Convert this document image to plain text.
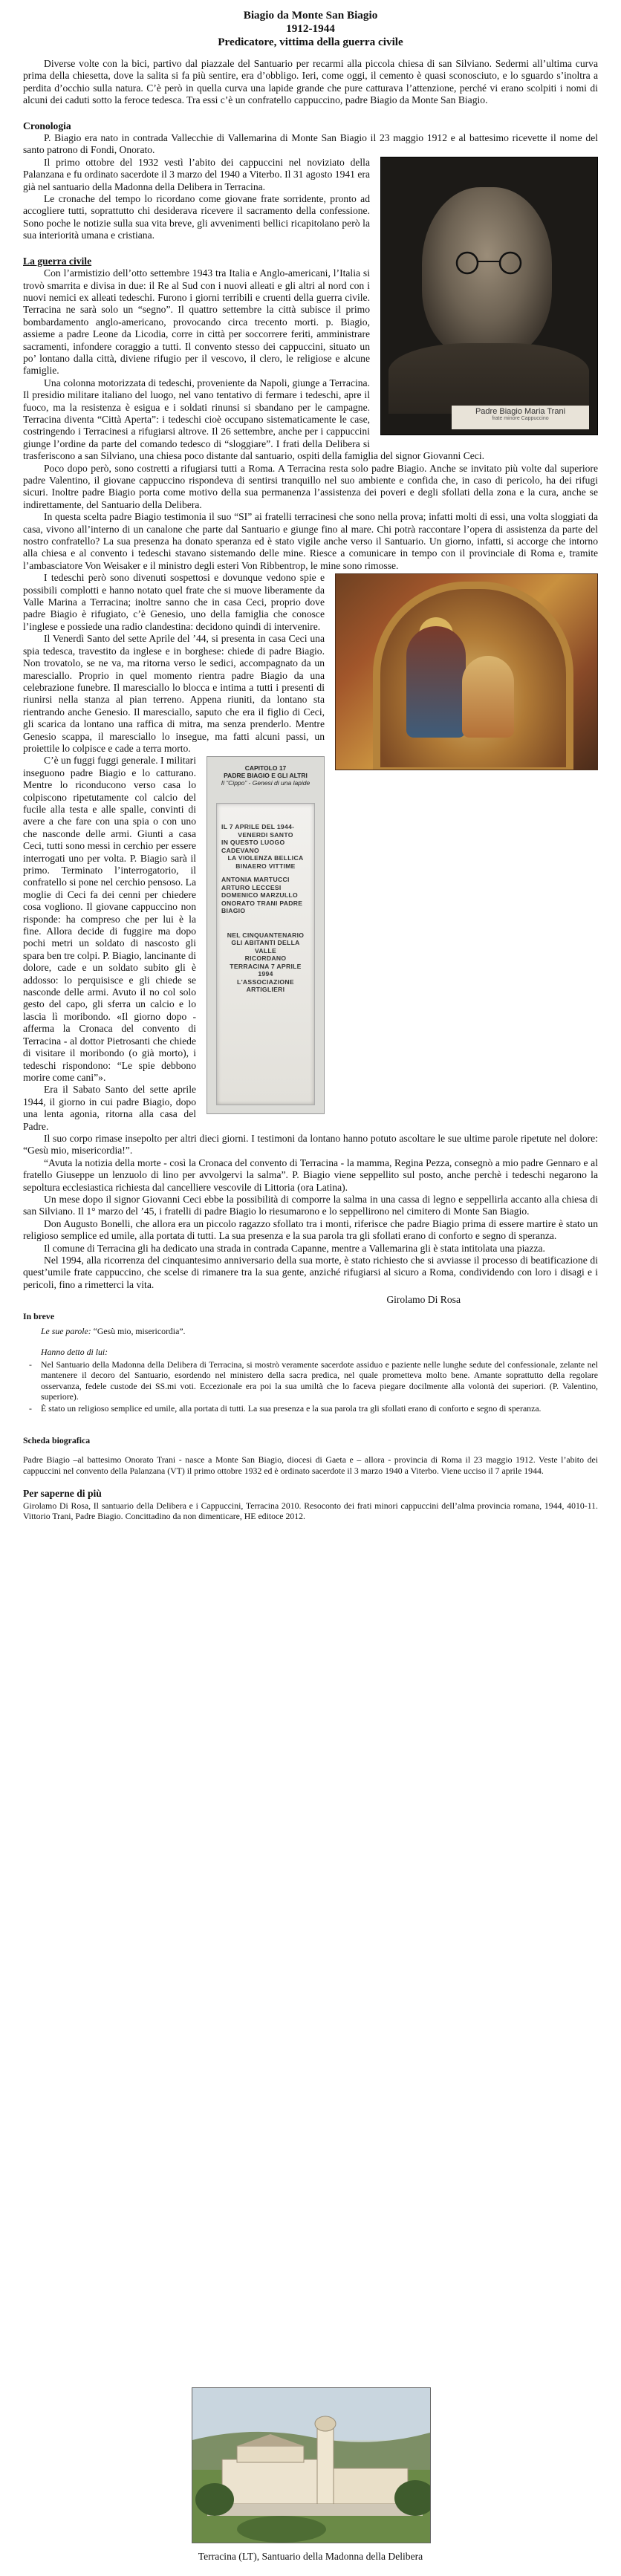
Biagio da Monte San Biagio
1912-1944
Predicatore, vittima della guerra civile

Diverse volte con la bici, partivo dal piazzale del Santuario per recarmi alla piccola chiesa di san Silviano. Sedermi all’ultima curva prima della chiesetta, dove la salita si fa più sentire, era d’obbligo. Ieri, come oggi, il cemento è quasi sconosciuto, e lo sguardo s’inoltra a perdita d’occhio sulla natura. C’è però in quella curva una lapide grande che pure catturava l’attenzione, perché vi erano scolpiti i nomi di alcuni dei caduti sotto la feroce tedesca. Tra essi c’è un confratello cappuccino, padre Biagio da Monte San Biagio.

Cronologia

P. Biagio era nato in contrada Vallecchie di Vallemarina di Monte San Biagio il 23 maggio 1912 e al battesimo ricevette il nome del santo patrono di Fondi, Onorato.

Padre Biagio Maria Trani
frate minore Cappuccino

Il primo ottobre del 1932 vestì l’abito dei cappuccini nel noviziato della Palanzana e fu ordinato sacerdote il 3 marzo del 1940 a Viterbo. Il 31 agosto 1941 era già nel santuario della Madonna della Delibera in Terracina.

Le cronache del tempo lo ricordano come giovane frate sorridente, pronto ad accogliere tutti, soprattutto chi desiderava ricevere il sacramento della confessione. Sono poche le notizie sulla sua vita breve, gli avvenimenti bellici ricapitolano però la sua interiorità umana e cristiana.

La guerra civile

Con l’armistizio dell’otto settembre 1943 tra Italia e Anglo-americani, l’Italia si trovò smarrita e divisa in due: il Re al Sud con i nuovi alleati e gli altri al nord con i nuovi nemici ex alleati tedeschi. Furono i giorni terribili e cruenti della guerra civile. Terracina ne sarà solo un “segno”. Il quattro settembre la città subisce il primo bombardamento anglo-americano, provocando circa trecento morti. p. Biagio, assieme a padre Leone da Licodia, corre in città per soccorrere feriti, amministrare sacramenti, infondere coraggio a tutti. Il convento stesso dei cappuccini, situato un po’ lontano dalla città, diviene rifugio per il vescovo, il clero, le religiose e alcune famiglie.

Una colonna motorizzata di tedeschi, proveniente da Napoli, giunge a Terracina. Il presidio militare italiano del luogo, nel vano tentativo di fermare i tedeschi, apre il fuoco, ma la resistenza è esigua e i soldati rinunsi si sbandano per le campagne. Terracina diventa “Città Aperta”: i tedeschi cioè occupano sistematicamente le case, costringendo i Terracinesi a rifugiarsi altrove. Il 26 settembre, anche per i cappuccini giunge l’ordine da parte del comando tedesco di “sloggiare”. I frati della Delibera si trasferiscono a san Silviano, una chiesa poco distante dal santuario, ospiti della famiglia del signor Giovanni Ceci.

Poco dopo però, sono costretti a rifugiarsi tutti a Roma. A Terracina resta solo padre Biagio. Anche se invitato più volte dal superiore padre Valentino, il giovane cappuccino rispondeva di sentirsi tranquillo nel suo ambiente e confida che, in caso di pericolo, ha dei rifugi sicuri. Inoltre padre Biagio porta come motivo della sua permanenza l’assistenza dei poveri e degli sfollati della zona e la cura, anche se indirettamente, del Santuario della Delibera.

In questa scelta padre Biagio testimonia il suo “SI” ai fratelli terracinesi che sono nella prova; infatti molti di essi, una volta sloggiati da casa, vivono all’interno di un canalone che parte dal Santuario e giunge fino al mare. Chi potrà raccontare l’opera di assistenza da parte del nostro confratello? La sua presenza ha donato speranza ed è stato vigile anche verso il Santuario. Un giorno, infatti, si accorge che intorno alla chiesa e al convento i tedeschi stavano sistemando delle mine. Riesce a comunicare in tempo con il provinciale di Roma e, tramite l’ambasciatore Von Weisaker e il ministro degli esteri Von Ribbentrop, le mine sono rimosse.

I tedeschi però sono divenuti sospettosi e dovunque vedono spie e possibili complotti e hanno notato quel frate che si muove liberamente da Valle Marina a Terracina; inoltre sanno che in casa Ceci, proprio dove padre Biagio è rifugiato, c’è Genesio, uno della famiglia che conosce l’inglese e possiede una radio clandestina: decidono quindi di intervenire.

Il Venerdì Santo del sette Aprile del ’44, si presenta in casa Ceci una spia tedesca, travestito da inglese e in borghese: chiede di padre Biagio. Non trovatolo, se ne va, ma ritorna verso le sedici, accompagnato da un maresciallo. Proprio in quel momento rientra padre Biagio da una celebrazione funebre. Il maresciallo lo blocca e intima a tutti i presenti di riunirsi nella stanza al pian terreno. Appena riuniti, da lontano sta rientrando anche Genesio. Il maresciallo, saputo che era il figlio di Ceci, gli scarica da lontano una raffica di mitra, ma senza prenderlo. Mentre Genesio scappa, il maresciallo lo insegue, ma fatti alcuni passi, un proiettile lo colpisce e cade a terra morto.

CAPITOLO 17
PADRE BIAGIO E GLI ALTRI
Il “Cippo” - Genesi di una lapide
IL 7 APRILE DEL 1944-
VENERDI SANTO
IN QUESTO LUOGO CADEVANO
LA VIOLENZA BELLICA
BINAERO VITTIME
ANTONIA MARTUCCI
ARTURO LECCESI
DOMENICO MARZULLO
ONORATO TRANI PADRE BIAGIO
NEL CINQUANTENARIO
GLI ABITANTI DELLA VALLE
RICORDANO
TERRACINA 7 APRILE 1994
L'ASSOCIAZIONE
ARTIGLIERI

C’è un fuggi fuggi generale. I militari inseguono padre Biagio e lo catturano. Mentre lo riconducono verso casa lo colpiscono ripetutamente col calcio del fucile alla testa e alle spalle, convinti di avere a che fare con una spia o con uno che nasconde delle armi. Giunti a casa Ceci, tutti sono messi in cerchio per essere interrogati uno per volta. P. Biagio sarà il primo. Terminato l’interrogatorio, il confratello si pone nel cerchio pensoso. La moglie di Ceci fa dei cenni per chiedere cosa vogliono. Il giovane cappuccino non risponde: ha compreso che per lui è la fine. Allora decide di fuggire ma dopo pochi metri un soldato di nascosto gli spara ben tre colpi. P. Biagio, lancinante di dolore, cade e un soldato subito gli è addosso: lo perquisisce e gli chiede se nasconde delle armi. Avuto il no col solo gesto del capo, gli sferra un calcio e lo lascia lì moribondo. «Il giorno dopo - afferma la Cronaca del convento di Terracina - al dottor Pietrosanti che chiede di visitare il moribondo (o già morto), i tedeschi rispondono: “Le spie debbono morire come cani”».

Era il Sabato Santo del sette aprile 1944, il giorno in cui padre Biagio, dopo una lenta agonia, ritorna alla casa del Padre.

Il suo corpo rimase insepolto per altri dieci giorni. I testimoni da lontano hanno potuto ascoltare le sue ultime parole ripetute nel dolore: “Gesù mio, misericordia!”.

“Avuta la notizia della morte - così la Cronaca del convento di Terracina - la mamma, Regina Pezza, consegnò a mio padre Gennaro e al fratello Giuseppe un lenzuolo di lino per avvolgervi la salma”. P. Biagio viene seppellito sul posto, anche perchè i tedeschi negarono la sepoltura ecclesiastica richiesta dal cancelliere vescovile di Littoria (ora Latina).

Un mese dopo il signor Giovanni Ceci ebbe la possibilità di comporre la salma in una cassa di legno e seppellirla accanto alla chiesa di san Silviano. Il 1° marzo del ’45, i fratelli di padre Biagio lo riesumarono e lo seppellirono nel cimitero di Monte San Biagio.

Don Augusto Bonelli, che allora era un piccolo ragazzo sfollato tra i monti, riferisce che padre Biagio prima di essere martire è stato un religioso semplice ed umile, alla portata di tutti. La sua presenza e la sua parola tra gli sfollati erano di conforto e segno di speranza.

Il comune di Terracina gli ha dedicato una strada in contrada Capanne, mentre a Vallemarina gli è stata intitolata una piazza.

Nel 1994, alla ricorrenza del cinquantesimo anniversario della sua morte, è stato richiesto che si avviasse il processo di beatificazione di quest’umile frate cappuccino, che scelse di rimanere tra la sua gente, anziché rifugiarsi al sicuro a Roma, condividendo con loro i disagi e i pericoli, fino a rimetterci la vita.

Girolamo Di Rosa
In breve
Le sue parole: “Gesù mio, misericordia”.
Hanno detto di lui:
- Nel Santuario della Madonna della Delibera di Terracina, si mostrò veramente sacerdote assiduo e paziente nelle lunghe sedute del confessionale, zelante nel mantenere il decoro del Santuario, esordendo nel ministero della sacra predica, nel quale prometteva molto bene. Amante soprattutto della regolare osservanza, fedele custode dei SS.mi voti. Eccezionale era poi la sua umiltà che lo faceva piegare docilmente alla volontà dei superiori. (P. Valentino, superiore).
- È stato un religioso semplice ed umile, alla portata di tutti. La sua presenza e la sua parola tra gli sfollati erano di conforto e segno di speranza.
Scheda biografica

Padre Biagio –al battesimo Onorato Trani - nasce a Monte San Biagio, diocesi di Gaeta e – allora - provincia di Roma il 23 maggio 1912. Veste l’abito dei cappuccini nel convento della Palanzana (VT) il primo ottobre 1932 ed è ordinato sacerdote il 3 marzo 1940 a Viterbo. Viene ucciso il 7 aprile 1944.

Per saperne di più

Girolamo Di Rosa, Il santuario della Delibera e i Cappuccini, Terracina 2010. Resoconto dei frati minori cappuccini dell’alma provincia romana, 1944, 4010-11. Vittorio Trani, Padre Biagio. Concittadino da non dimenticare, HE editoce 2012.

Terracina (LT), Santuario della Madonna della Delibera
